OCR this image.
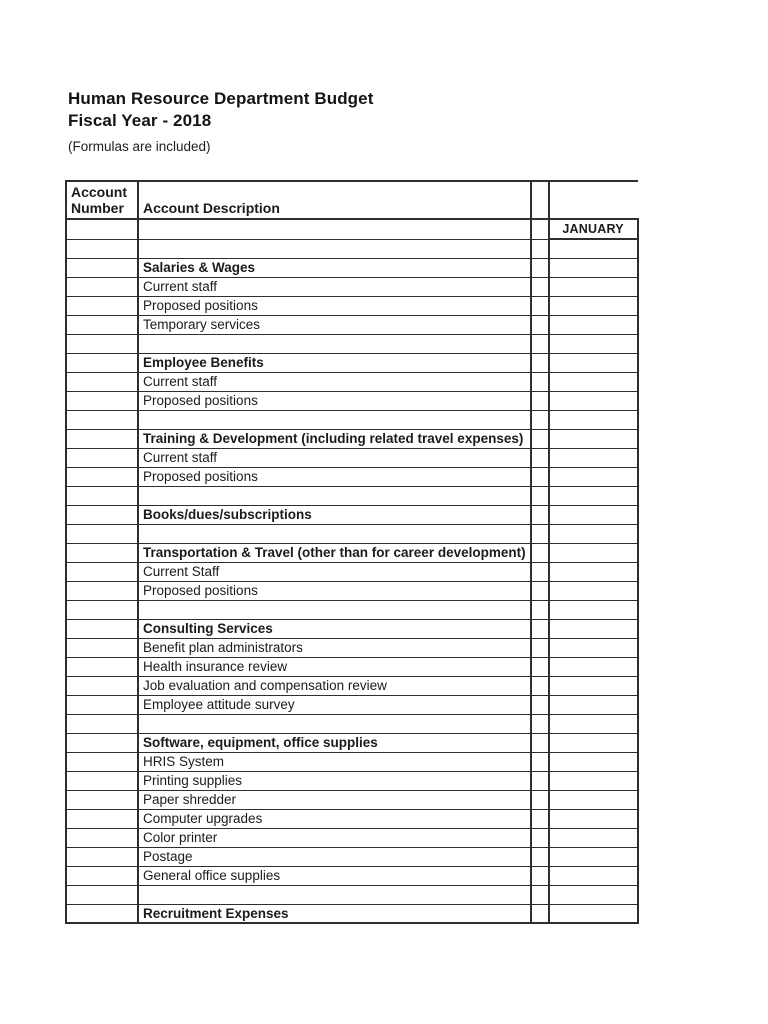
Human Resource Department Budget
Fiscal Year - 2018
(Formulas are included)
Account Number	Account Description		
			JANUARY

	Salaries & Wages		
	Current staff		
	Proposed positions		
	Temporary services		

	Employee Benefits		
	Current staff		
	Proposed positions		

	Training & Development (including related travel expenses)		
	Current staff		
	Proposed positions		

	Books/dues/subscriptions		

	Transportation & Travel (other than for career development)		
	Current Staff		
	Proposed positions		

	Consulting Services		
	Benefit plan administrators		
	Health insurance review		
	Job evaluation and compensation review		
	Employee attitude survey		

	Software, equipment, office supplies		
	HRIS System		
	Printing supplies		
	Paper shredder		
	Computer upgrades		
	Color printer		
	Postage		
	General office supplies		

	Recruitment Expenses		
